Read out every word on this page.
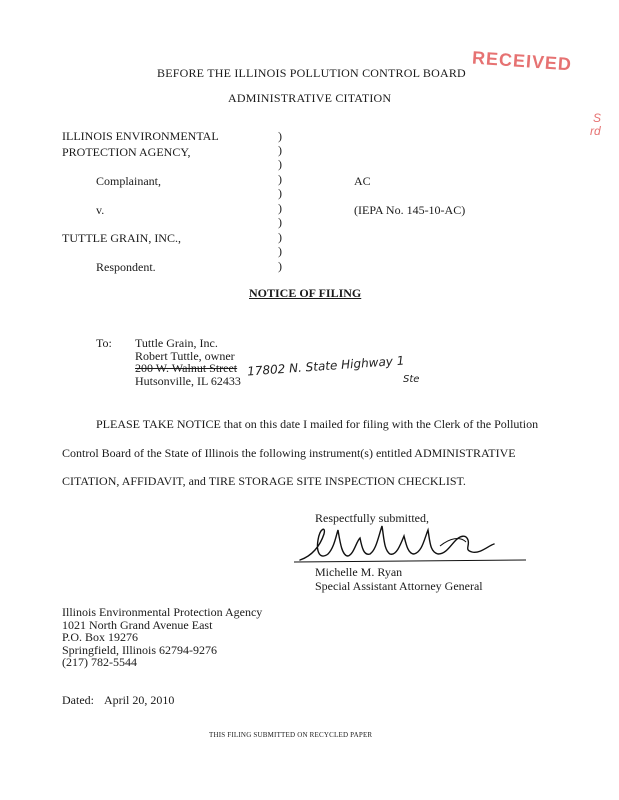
RECEIVED
S
rd
BEFORE THE ILLINOIS POLLUTION CONTROL BOARD
ADMINISTRATIVE CITATION
ILLINOIS ENVIRONMENTAL
PROTECTION AGENCY,
Complainant,
v.
TUTTLE GRAIN, INC.,
Respondent.
)
)
)
)
)
)
)
)
)
)
AC
(IEPA No. 145-10-AC)
NOTICE OF FILING
To: Tuttle Grain, Inc.
Robert Tuttle, owner
200 W. Walnut Street
Hutsonville, IL 62433
17802 N. State Highway 1
Ste
PLEASE TAKE NOTICE that on this date I mailed for filing with the Clerk of the Pollution
Control Board of the State of Illinois the following instrument(s) entitled ADMINISTRATIVE
CITATION, AFFIDAVIT, and TIRE STORAGE SITE INSPECTION CHECKLIST.
Respectfully submitted,
Michelle M. Ryan
Special Assistant Attorney General
Illinois Environmental Protection Agency
1021 North Grand Avenue East
P.O. Box 19276
Springfield, Illinois 62794-9276
(217) 782-5544
Dated: April 20, 2010
THIS FILING SUBMITTED ON RECYCLED PAPER
